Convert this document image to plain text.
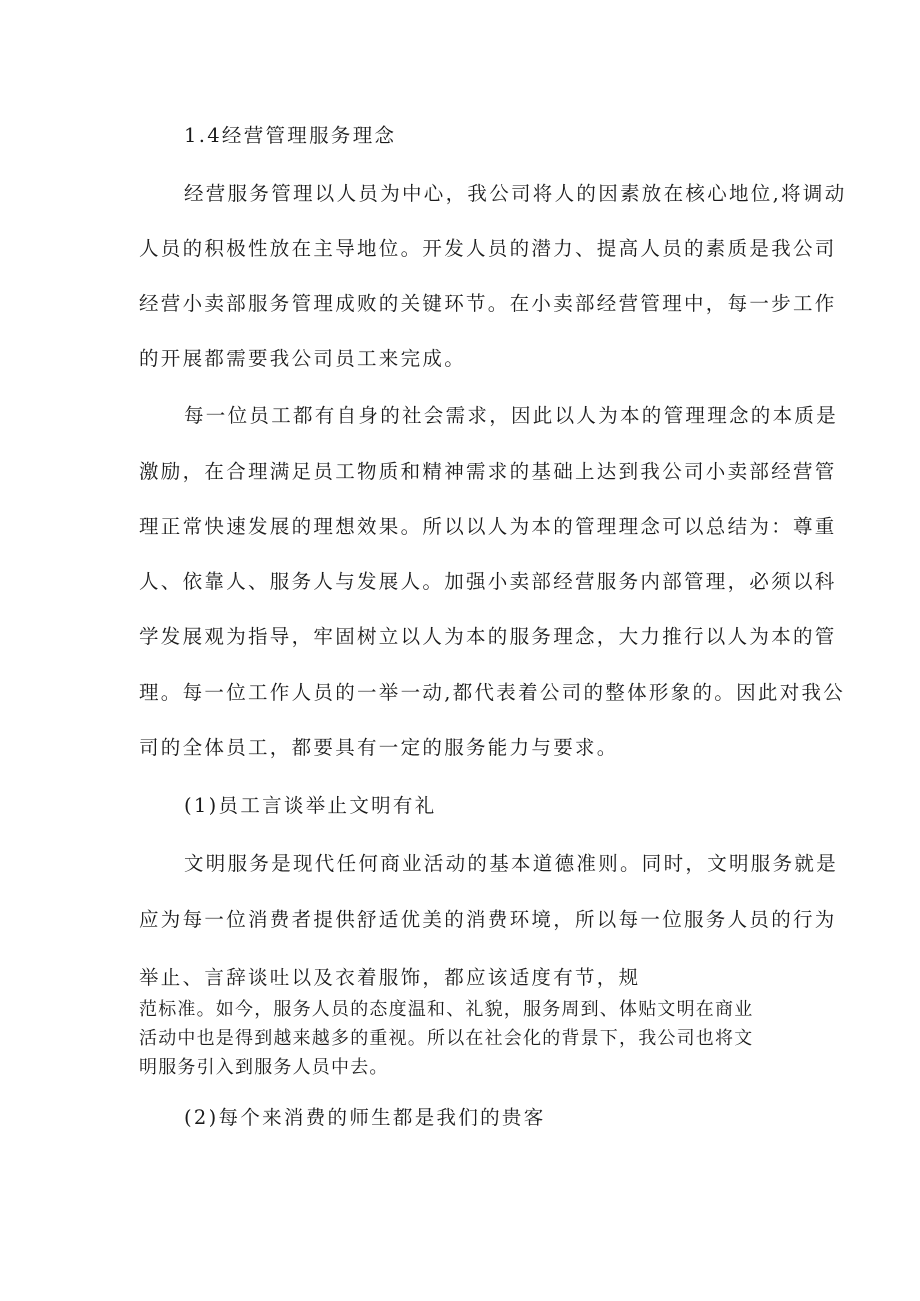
1.4经营管理服务理念
经营服务管理以人员为中心，我公司将人的因素放在核心地位,将调动
人员的积极性放在主导地位。开发人员的潜力、提高人员的素质是我公司
经营小卖部服务管理成败的关键环节。在小卖部经营管理中，每一步工作
的开展都需要我公司员工来完成。
每一位员工都有自身的社会需求，因此以人为本的管理理念的本质是
激励，在合理满足员工物质和精神需求的基础上达到我公司小卖部经营管
理正常快速发展的理想效果。所以以人为本的管理理念可以总结为：尊重
人、依靠人、服务人与发展人。加强小卖部经营服务内部管理，必须以科
学发展观为指导，牢固树立以人为本的服务理念，大力推行以人为本的管
理。每一位工作人员的一举一动,都代表着公司的整体形象的。因此对我公
司的全体员工，都要具有一定的服务能力与要求。
(1)员工言谈举止文明有礼
文明服务是现代任何商业活动的基本道德准则。同时，文明服务就是
应为每一位消费者提供舒适优美的消费环境，所以每一位服务人员的行为
举止、言辞谈吐以及衣着服饰，都应该适度有节，规
范标准。如今，服务人员的态度温和、礼貌，服务周到、体贴文明在商业
活动中也是得到越来越多的重视。所以在社会化的背景下，我公司也将文
明服务引入到服务人员中去。
(2)每个来消费的师生都是我们的贵客
